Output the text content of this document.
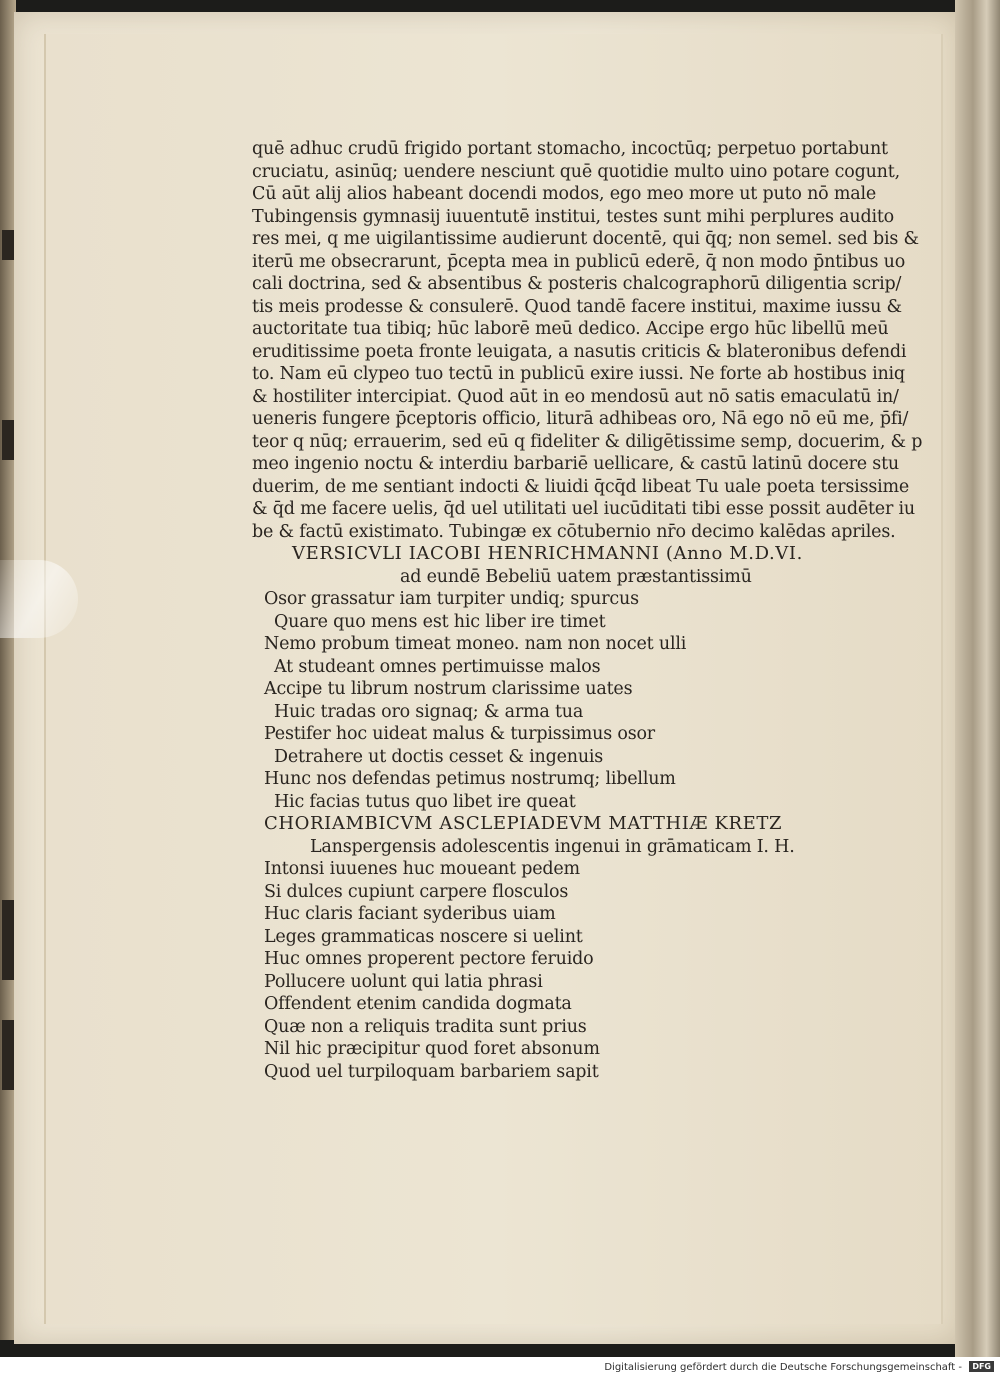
quē adhuc crudū frigido portant stomacho, incoctūq; perpetuo portabunt
cruciatu, asinūq; uendere nesciunt quē quotidie multo uino potare cogunt,
Cū aūt alij alios habeant docendi modos, ego meo more ut puto nō male
Tubingensis gymnasij iuuentutē institui, testes sunt mihi perplures audito
res mei, q me uigilantissime audierunt docentē, qui q̄q; non semel. sed bis &
iterū me obsecrarunt, p̄cepta mea in publicū ederē, q̄ non modo p̄ntibus uo
cali doctrina, sed & absentibus & posteris chalcographorū diligentia scrip/
tis meis prodesse & consulerē. Quod tandē facere institui, maxime iussu &
auctoritate tua tibiq; hūc laborē meū dedico. Accipe ergo hūc libellū meū
eruditissime poeta fronte leuigata, a nasutis criticis & blateronibus defendi
to. Nam eū clypeo tuo tectū in publicū exire iussi. Ne forte ab hostibus iniq
& hostiliter intercipiat. Quod aūt in eo mendosū aut nō satis emaculatū in/
ueneris fungere p̄ceptoris officio, liturā adhibeas oro, Nā ego nō eū me, p̄fi/
teor q nūq; errauerim, sed eū q fideliter & diligētissime semp, docuerim, & p
meo ingenio noctu & interdiu barbariē uellicare, & castū latinū docere stu
duerim, de me sentiant indocti & liuidi q̄cq̄d libeat Tu uale poeta tersissime
& q̄d me facere uelis, q̄d uel utilitati uel iucūditati tibi esse possit audēter iu
be & factū existimato. Tubingæ ex cōtubernio nr̄o decimo kalēdas apriles.
VERSICVLI IACOBI HENRICHMANNI (Anno M.D.VI.
ad eundē Bebeliū uatem præstantissimū
Osor grassatur iam turpiter undiq; spurcus
Quare quo mens est hic liber ire timet
Nemo probum timeat moneo. nam non nocet ulli
At studeant omnes pertimuisse malos
Accipe tu librum nostrum clarissime uates
Huic tradas oro signaq; & arma tua
Pestifer hoc uideat malus & turpissimus osor
Detrahere ut doctis cesset & ingenuis
Hunc nos defendas petimus nostrumq; libellum
Hic facias tutus quo libet ire queat
CHORIAMBICVM ASCLEPIADEVM MATTHIÆ KRETZ
Lanspergensis adolescentis ingenui in grāmaticam I. H.
Intonsi iuuenes huc moueant pedem
Si dulces cupiunt carpere flosculos
Huc claris faciant syderibus uiam
Leges grammaticas noscere si uelint
Huc omnes properent pectore feruido
Pollucere uolunt qui latia phrasi
Offendent etenim candida dogmata
Quæ non a reliquis tradita sunt prius
Nil hic præcipitur quod foret absonum
Quod uel turpiloquam barbariem sapit
Digitalisierung gefördert durch die Deutsche Forschungsgemeinschaft -	DFG
